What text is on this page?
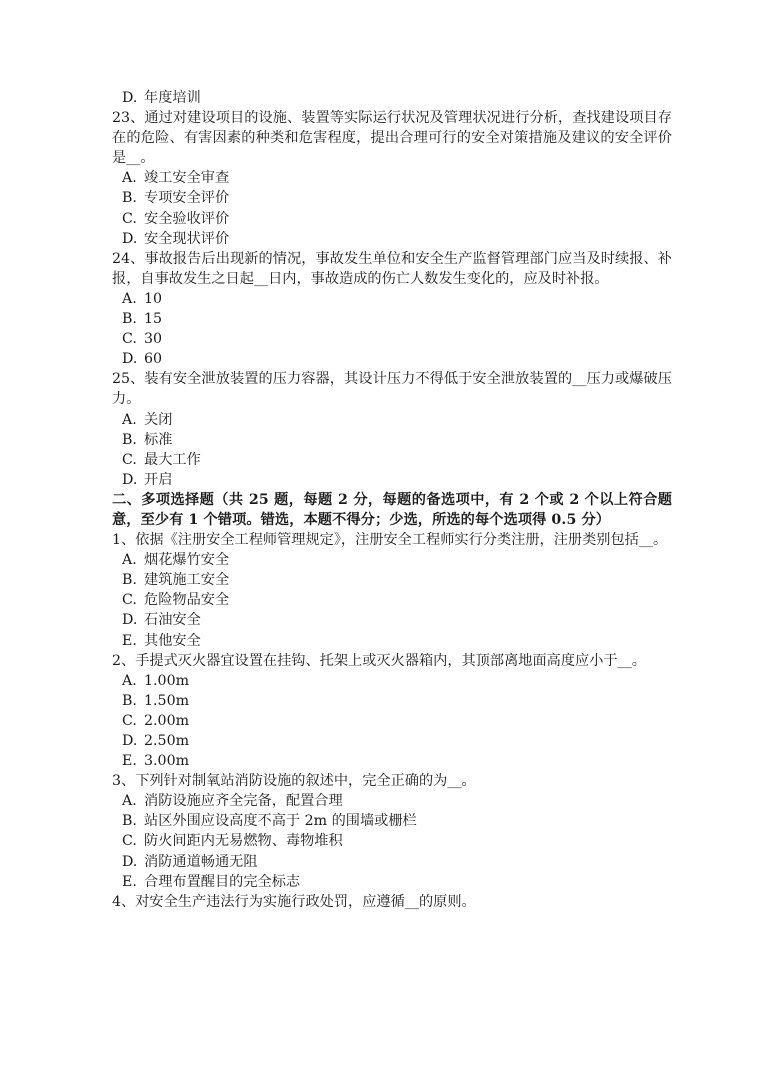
D. 年度培训

23、通过对建设项目的设施、装置等实际运行状况及管理状况进行分析，查找建设项目存在的危险、有害因素的种类和危害程度，提出合理可行的安全对策措施及建议的安全评价是__。

A. 竣工安全审查

B. 专项安全评价

C. 安全验收评价

D. 安全现状评价

24、事故报告后出现新的情况，事故发生单位和安全生产监督管理部门应当及时续报、补报，自事故发生之日起__日内，事故造成的伤亡人数发生变化的，应及时补报。

A. 10

B. 15

C. 30

D. 60

25、装有安全泄放装置的压力容器，其设计压力不得低于安全泄放装置的__压力或爆破压力。

A. 关闭

B. 标准

C. 最大工作

D. 开启

二、多项选择题（共 25 题，每题 2 分，每题的备选项中，有 2 个或 2 个以上符合题意，至少有 1 个错项。错选，本题不得分；少选，所选的每个选项得 0.5 分）

1、依据《注册安全工程师管理规定》，注册安全工程师实行分类注册，注册类别包括__。

A. 烟花爆竹安全

B. 建筑施工安全

C. 危险物品安全

D. 石油安全

E. 其他安全

2、手提式灭火器宜设置在挂钩、托架上或灭火器箱内，其顶部离地面高度应小于__。

A. 1.00m

B. 1.50m

C. 2.00m

D. 2.50m

E. 3.00m

3、下列针对制氧站消防设施的叙述中，完全正确的为__。

A. 消防设施应齐全完备，配置合理

B. 站区外围应设高度不高于 2m 的围墙或栅栏

C. 防火间距内无易燃物、毒物堆积

D. 消防通道畅通无阻

E. 合理布置醒目的完全标志

4、对安全生产违法行为实施行政处罚，应遵循__的原则。
